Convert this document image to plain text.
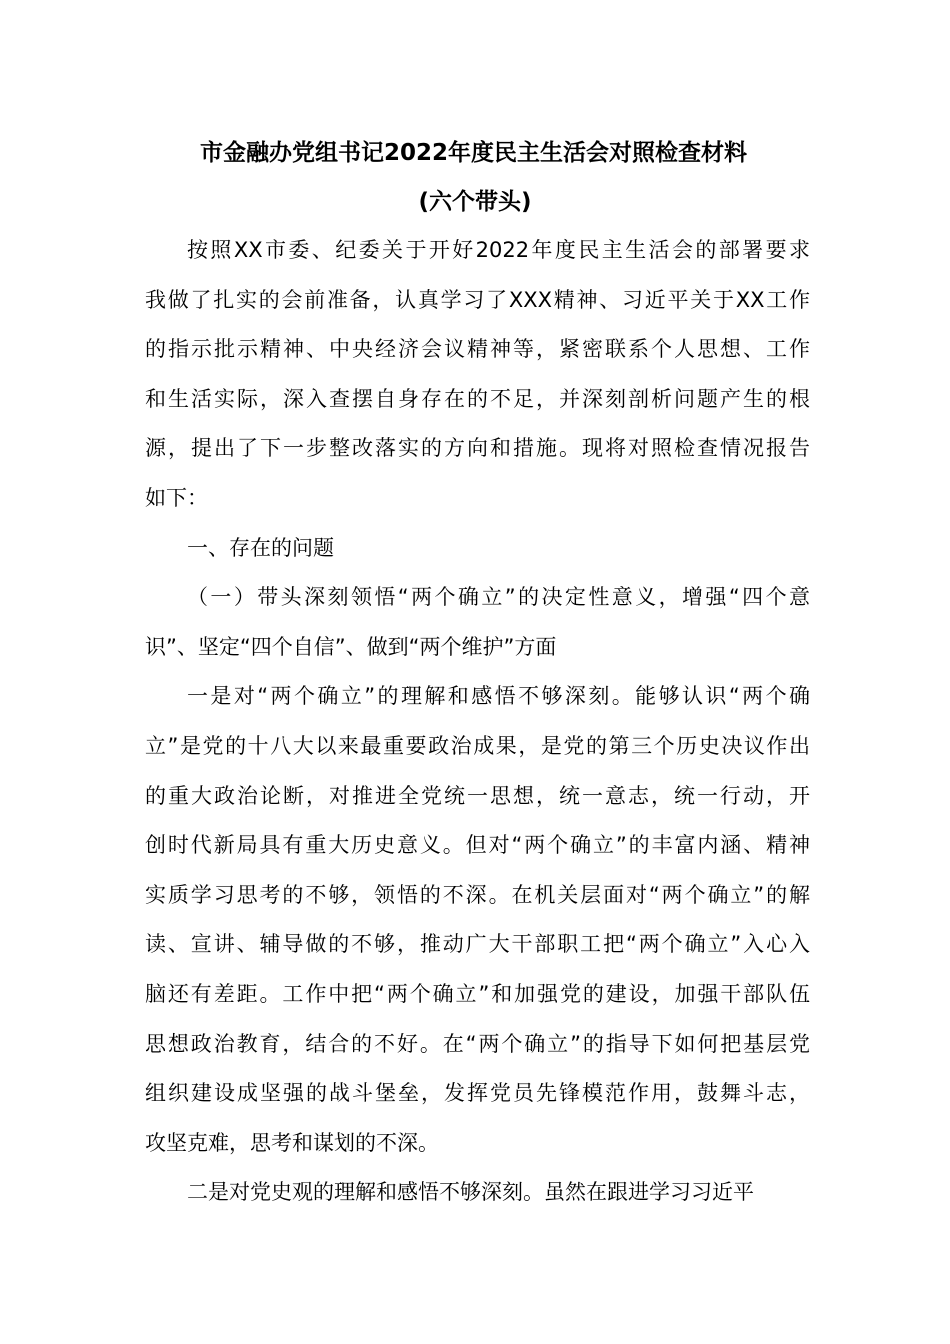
市金融办党组书记2022年度民主生活会对照检查材料
(六个带头)
按照XX市委、纪委关于开好2022年度民主生活会的部署要求
我做了扎实的会前准备，认真学习了XXX精神、习近平关于XX工作
的指示批示精神、中央经济会议精神等，紧密联系个人思想、工作
和生活实际，深入查摆自身存在的不足，并深刻剖析问题产生的根
源，提出了下一步整改落实的方向和措施。现将对照检查情况报告
如下：
一、存在的问题
（一）带头深刻领悟“两个确立”的决定性意义，增强“四个意
识”、坚定“四个自信”、做到“两个维护”方面
一是对“两个确立”的理解和感悟不够深刻。能够认识“两个确
立”是党的十八大以来最重要政治成果，是党的第三个历史决议作出
的重大政治论断，对推进全党统一思想，统一意志，统一行动，开
创时代新局具有重大历史意义。但对“两个确立”的丰富内涵、精神
实质学习思考的不够，领悟的不深。在机关层面对“两个确立”的解
读、宣讲、辅导做的不够，推动广大干部职工把“两个确立”入心入
脑还有差距。工作中把“两个确立”和加强党的建设，加强干部队伍
思想政治教育，结合的不好。在“两个确立”的指导下如何把基层党
组织建设成坚强的战斗堡垒，发挥党员先锋模范作用，鼓舞斗志，
攻坚克难，思考和谋划的不深。
二是对党史观的理解和感悟不够深刻。虽然在跟进学习习近平
